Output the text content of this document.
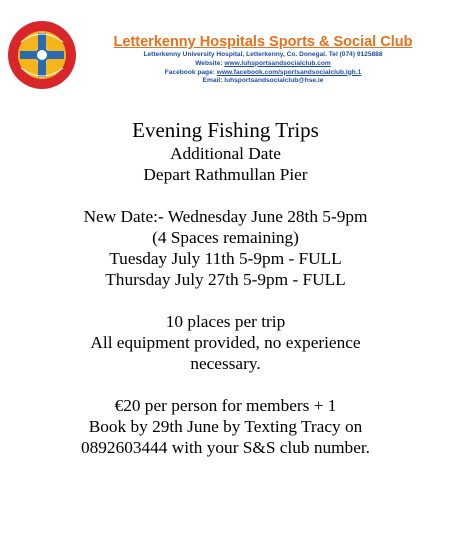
Letterkenny Hospitals Sports & Social Club
Letterkenny University Hospital, Letterkenny, Co. Donegal. Tel (074) 9125888
Website: www.luhsportsandsocialclub.com
Facebook page: www.facebook.com/sportsandsocialclub.lgh.1
Email: luhsportsandsocialclub@hse.ie
Evening Fishing Trips
Additional Date
Depart Rathmullan Pier
New Date:- Wednesday June 28th 5-9pm
(4 Spaces remaining)
Tuesday July 11th 5-9pm - FULL
Thursday July 27th 5-9pm - FULL
10 places per trip
All equipment provided, no experience
necessary.
€20 per person for members + 1
Book by 29th June by Texting Tracy on
0892603444 with your S&S club number.
